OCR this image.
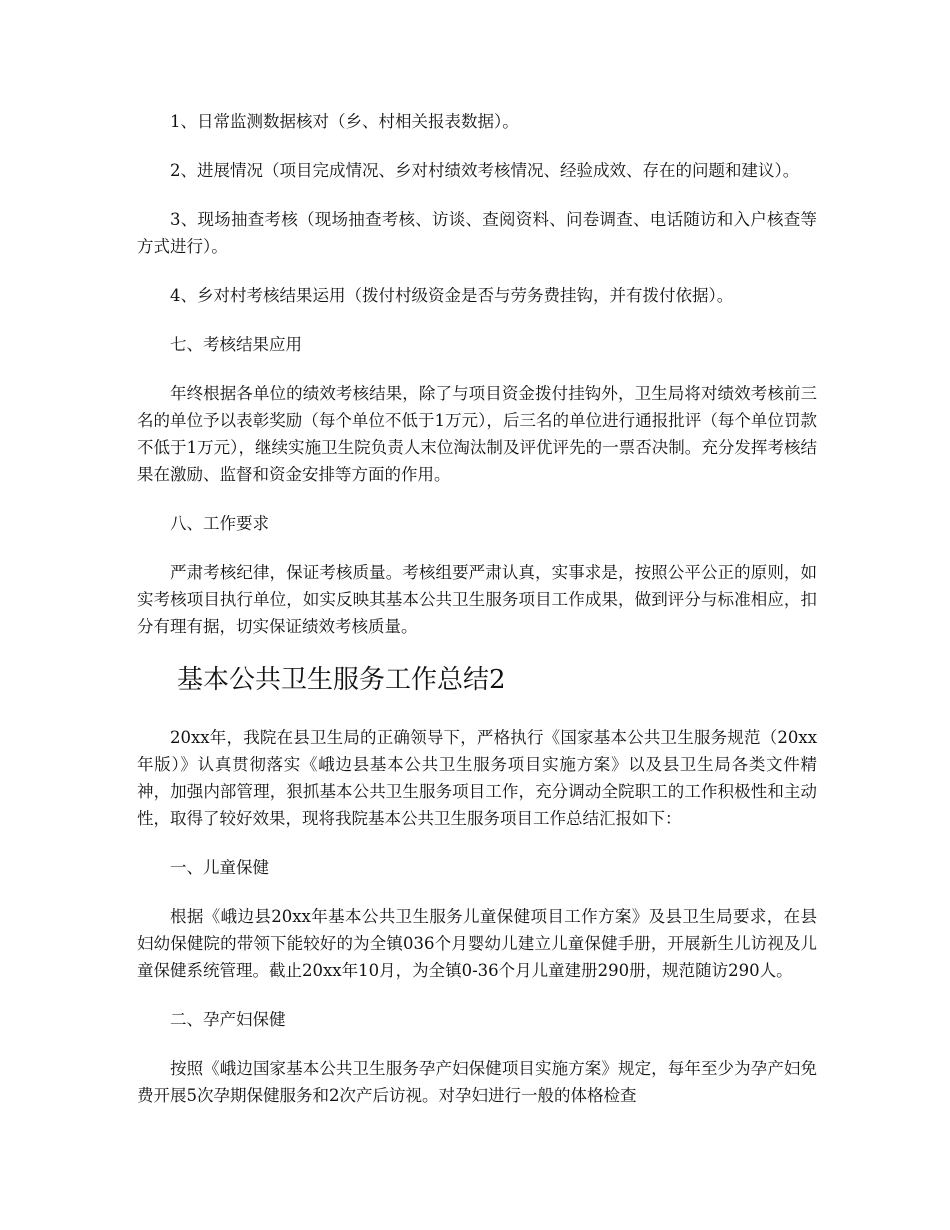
1、日常监测数据核对（乡、村相关报表数据）。

2、进展情况（项目完成情况、乡对村绩效考核情况、经验成效、存在的问题和建议）。

3、现场抽查考核（现场抽查考核、访谈、查阅资料、问卷调查、电话随访和入户核查等方式进行）。

4、乡对村考核结果运用（拨付村级资金是否与劳务费挂钩，并有拨付依据）。

七、考核结果应用

年终根据各单位的绩效考核结果，除了与项目资金拨付挂钩外，卫生局将对绩效考核前三名的单位予以表彰奖励（每个单位不低于1万元），后三名的单位进行通报批评（每个单位罚款不低于1万元），继续实施卫生院负责人末位淘汰制及评优评先的一票否决制。充分发挥考核结果在激励、监督和资金安排等方面的作用。

八、工作要求

严肃考核纪律，保证考核质量。考核组要严肃认真，实事求是，按照公平公正的原则，如实考核项目执行单位，如实反映其基本公共卫生服务项目工作成果，做到评分与标准相应，扣分有理有据，切实保证绩效考核质量。

基本公共卫生服务工作总结2

20xx年，我院在县卫生局的正确领导下，严格执行《国家基本公共卫生服务规范（20xx年版）》认真贯彻落实《峨边县基本公共卫生服务项目实施方案》以及县卫生局各类文件精神，加强内部管理，狠抓基本公共卫生服务项目工作，充分调动全院职工的工作积极性和主动性，取得了较好效果，现将我院基本公共卫生服务项目工作总结汇报如下：

一、儿童保健

根据《峨边县20xx年基本公共卫生服务儿童保健项目工作方案》及县卫生局要求，在县妇幼保健院的带领下能较好的为全镇036个月婴幼儿建立儿童保健手册，开展新生儿访视及儿童保健系统管理。截止20xx年10月，为全镇0-36个月儿童建册290册，规范随访290人。

二、孕产妇保健

按照《峨边国家基本公共卫生服务孕产妇保健项目实施方案》规定，每年至少为孕产妇免费开展5次孕期保健服务和2次产后访视。对孕妇进行一般的体格检查
